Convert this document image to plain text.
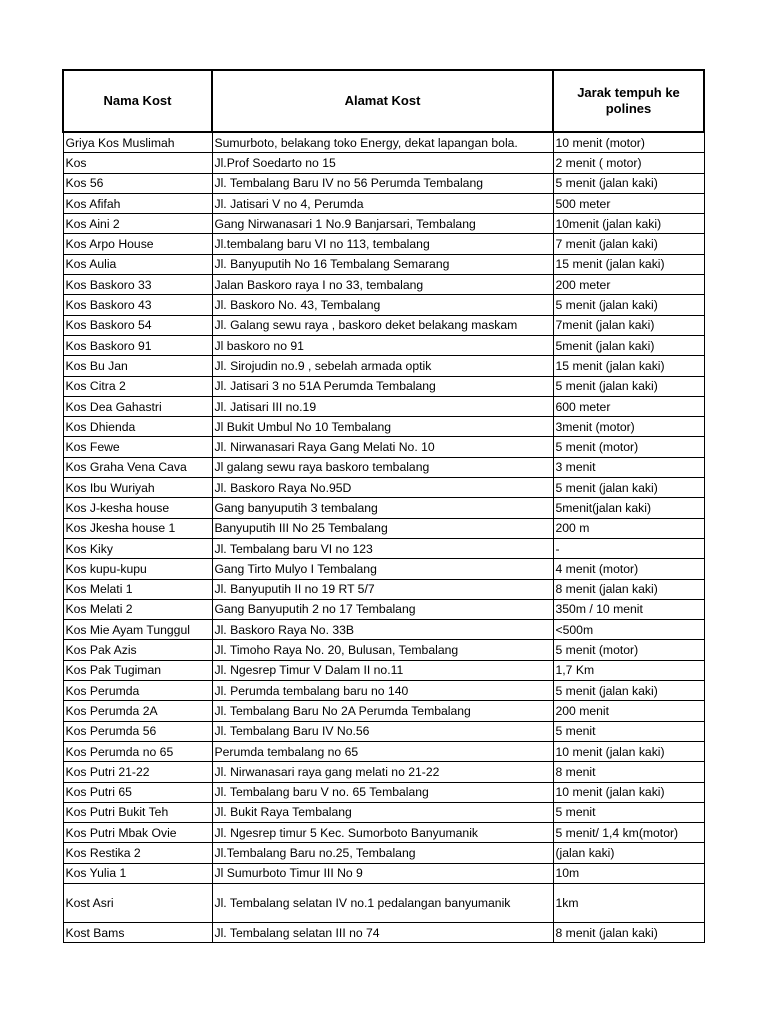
Nama Kost	Alamat Kost	Jarak tempuh ke polines
Griya Kos Muslimah	Sumurboto, belakang toko Energy, dekat lapangan bola.	10 menit (motor)
Kos	Jl.Prof Soedarto no 15	2 menit ( motor)
Kos 56	Jl. Tembalang Baru IV no 56 Perumda Tembalang	5 menit (jalan kaki)
Kos Afifah	Jl. Jatisari V no 4, Perumda	500 meter
Kos Aini 2	Gang Nirwanasari 1 No.9 Banjarsari, Tembalang	10menit (jalan kaki)
Kos Arpo House	Jl.tembalang baru VI no 113, tembalang	7 menit (jalan kaki)
Kos Aulia	Jl. Banyuputih No 16 Tembalang Semarang	15 menit (jalan kaki)
Kos Baskoro 33	Jalan Baskoro raya I no 33, tembalang	200 meter
Kos Baskoro 43	Jl. Baskoro No. 43, Tembalang	5 menit (jalan kaki)
Kos Baskoro 54	Jl. Galang sewu raya , baskoro deket belakang maskam	7menit (jalan kaki)
Kos Baskoro 91	Jl baskoro no 91	5menit (jalan kaki)
Kos Bu Jan	Jl. Sirojudin no.9 , sebelah armada optik	15 menit (jalan kaki)
Kos Citra 2	Jl. Jatisari 3 no 51A Perumda Tembalang	5 menit (jalan kaki)
Kos Dea Gahastri	Jl. Jatisari III no.19	600 meter
Kos Dhienda	Jl Bukit Umbul No 10 Tembalang	3menit (motor)
Kos Fewe	Jl. Nirwanasari Raya Gang Melati No. 10	5 menit (motor)
Kos Graha Vena Cava	Jl galang sewu raya baskoro tembalang	3 menit
Kos Ibu Wuriyah	Jl. Baskoro Raya No.95D	5 menit (jalan kaki)
Kos J-kesha house	Gang banyuputih 3 tembalang	5menit(jalan kaki)
Kos Jkesha house 1	Banyuputih III No 25 Tembalang	200 m
Kos Kiky	Jl. Tembalang baru VI no 123	-
Kos kupu-kupu	Gang Tirto Mulyo I Tembalang	4 menit (motor)
Kos Melati 1	Jl. Banyuputih II no 19 RT 5/7	8 menit (jalan kaki)
Kos Melati 2	Gang Banyuputih 2 no 17 Tembalang	350m / 10 menit
Kos Mie Ayam Tunggul	Jl. Baskoro Raya No. 33B	<500m
Kos Pak Azis	Jl. Timoho Raya No. 20, Bulusan, Tembalang	5 menit (motor)
Kos Pak Tugiman	Jl. Ngesrep Timur V Dalam II no.11	1,7 Km
Kos Perumda	Jl. Perumda tembalang baru no 140	5 menit (jalan kaki)
Kos Perumda 2A	Jl. Tembalang Baru No 2A Perumda Tembalang	200 menit
Kos Perumda 56	Jl. Tembalang Baru IV No.56	5 menit
Kos Perumda no 65	Perumda tembalang no 65	10 menit (jalan kaki)
Kos Putri 21-22	Jl. Nirwanasari raya gang melati no 21-22	8 menit
Kos Putri 65	Jl. Tembalang baru V no. 65 Tembalang	10 menit (jalan kaki)
Kos Putri Bukit Teh	Jl. Bukit Raya Tembalang	5 menit
Kos Putri Mbak Ovie	Jl. Ngesrep timur 5 Kec. Sumorboto Banyumanik	5 menit/ 1,4 km(motor)
Kos Restika 2	Jl.Tembalang Baru no.25, Tembalang	(jalan kaki)
Kos Yulia 1	Jl Sumurboto Timur III No 9	10m
Kost Asri	Jl. Tembalang selatan IV no.1 pedalangan banyumanik	1km
Kost Bams	Jl. Tembalang selatan III no 74	8 menit (jalan kaki)
